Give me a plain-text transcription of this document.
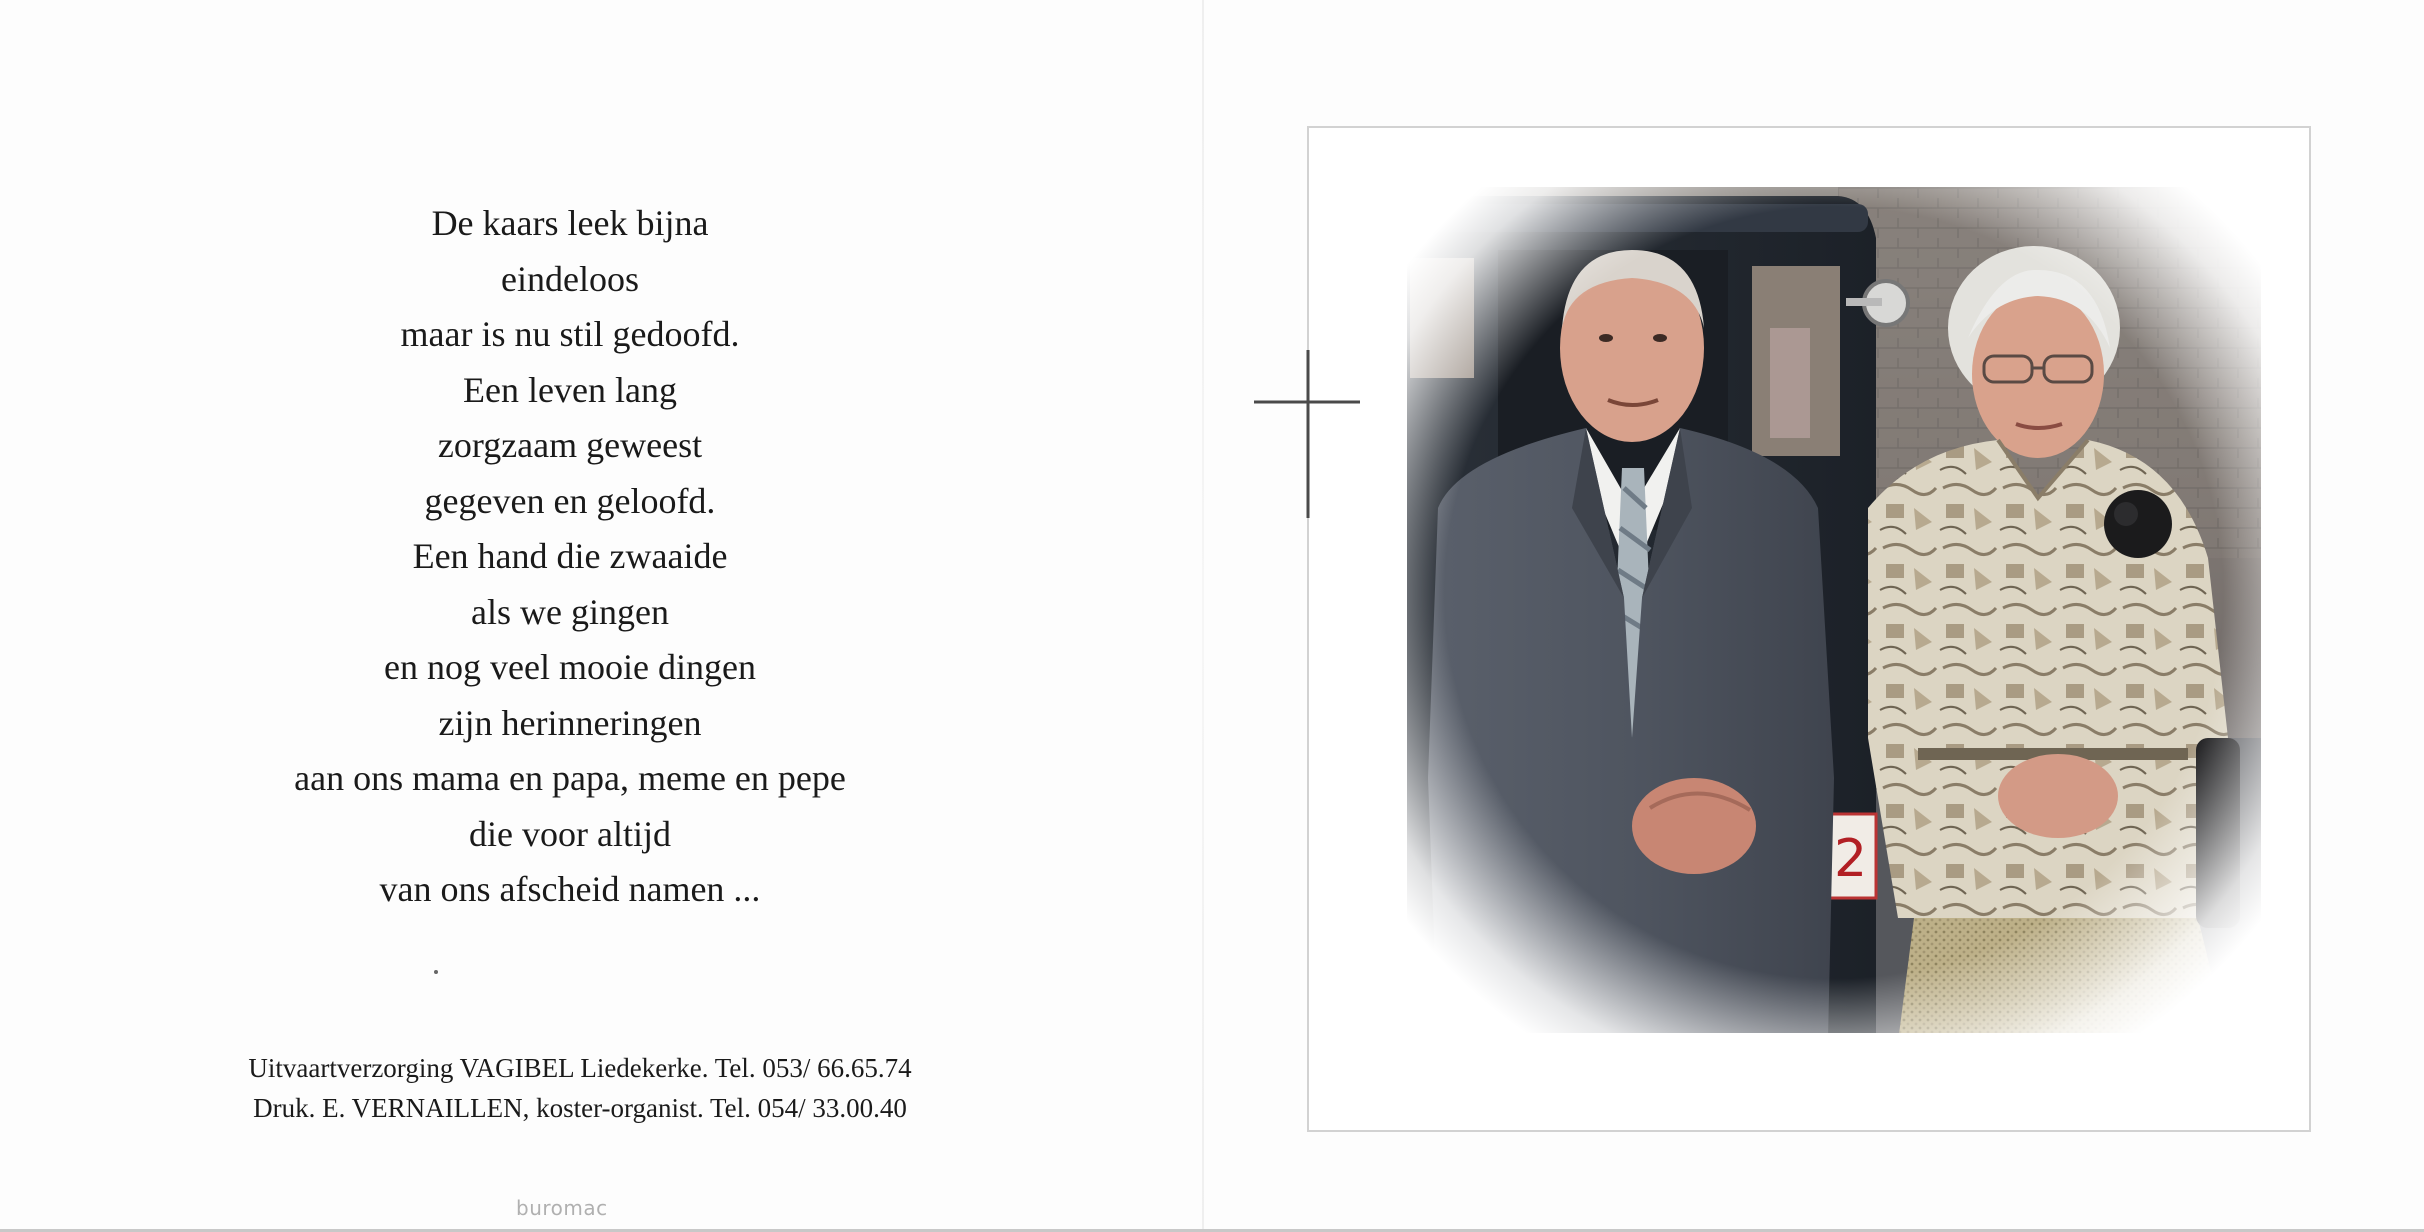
De kaars leek bijna
eindeloos
maar is nu stil gedoofd.
Een leven lang
zorgzaam geweest
gegeven en geloofd.
Een hand die zwaaide
als we gingen
en nog veel mooie dingen
zijn herinneringen
aan ons mama en papa, meme en pepe
die voor altijd
van ons afscheid namen ...
Uitvaartverzorging VAGIBEL Liedekerke. Tel. 053/ 66.65.74
Druk. E. VERNAILLEN, koster-organist. Tel. 054/ 33.00.40
buromac
